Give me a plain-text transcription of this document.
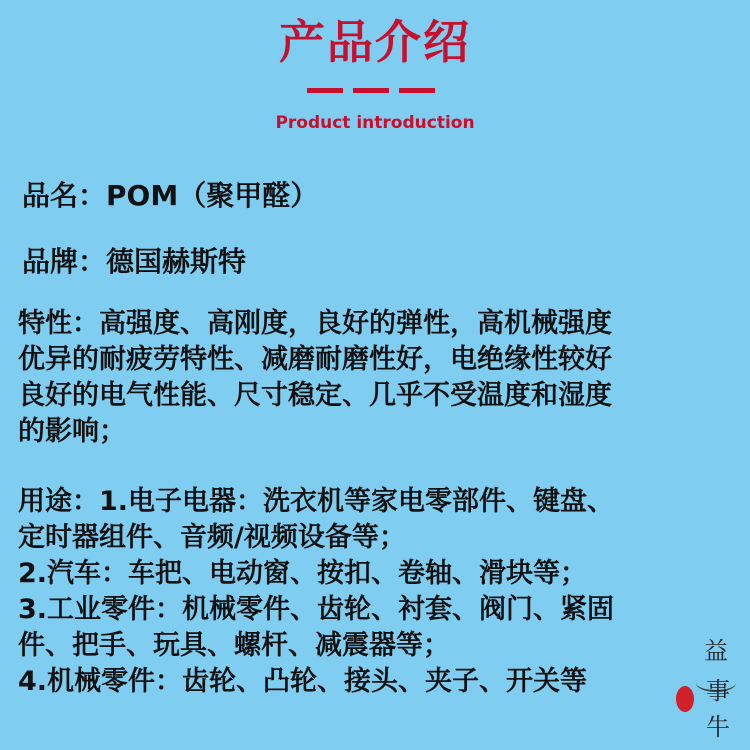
产品介绍
Product introduction
品名：POM（聚甲醛）
品牌：德国赫斯特
特性：高强度、高刚度，良好的弹性，高机械强度
优异的耐疲劳特性、减磨耐磨性好，电绝缘性较好
良好的电气性能、尺寸稳定、几乎不受温度和湿度
的影响；
用途：1.电子电器：洗衣机等家电零部件、键盘、
定时器组件、音频/视频设备等；
2.汽车：车把、电动窗、按扣、卷轴、滑块等；
3.工业零件：机械零件、齿轮、衬套、阀门、紧固
件、把手、玩具、螺杆、减震器等；
4.机械零件：齿轮、凸轮、接头、夹子、开关等
益
事
牛
